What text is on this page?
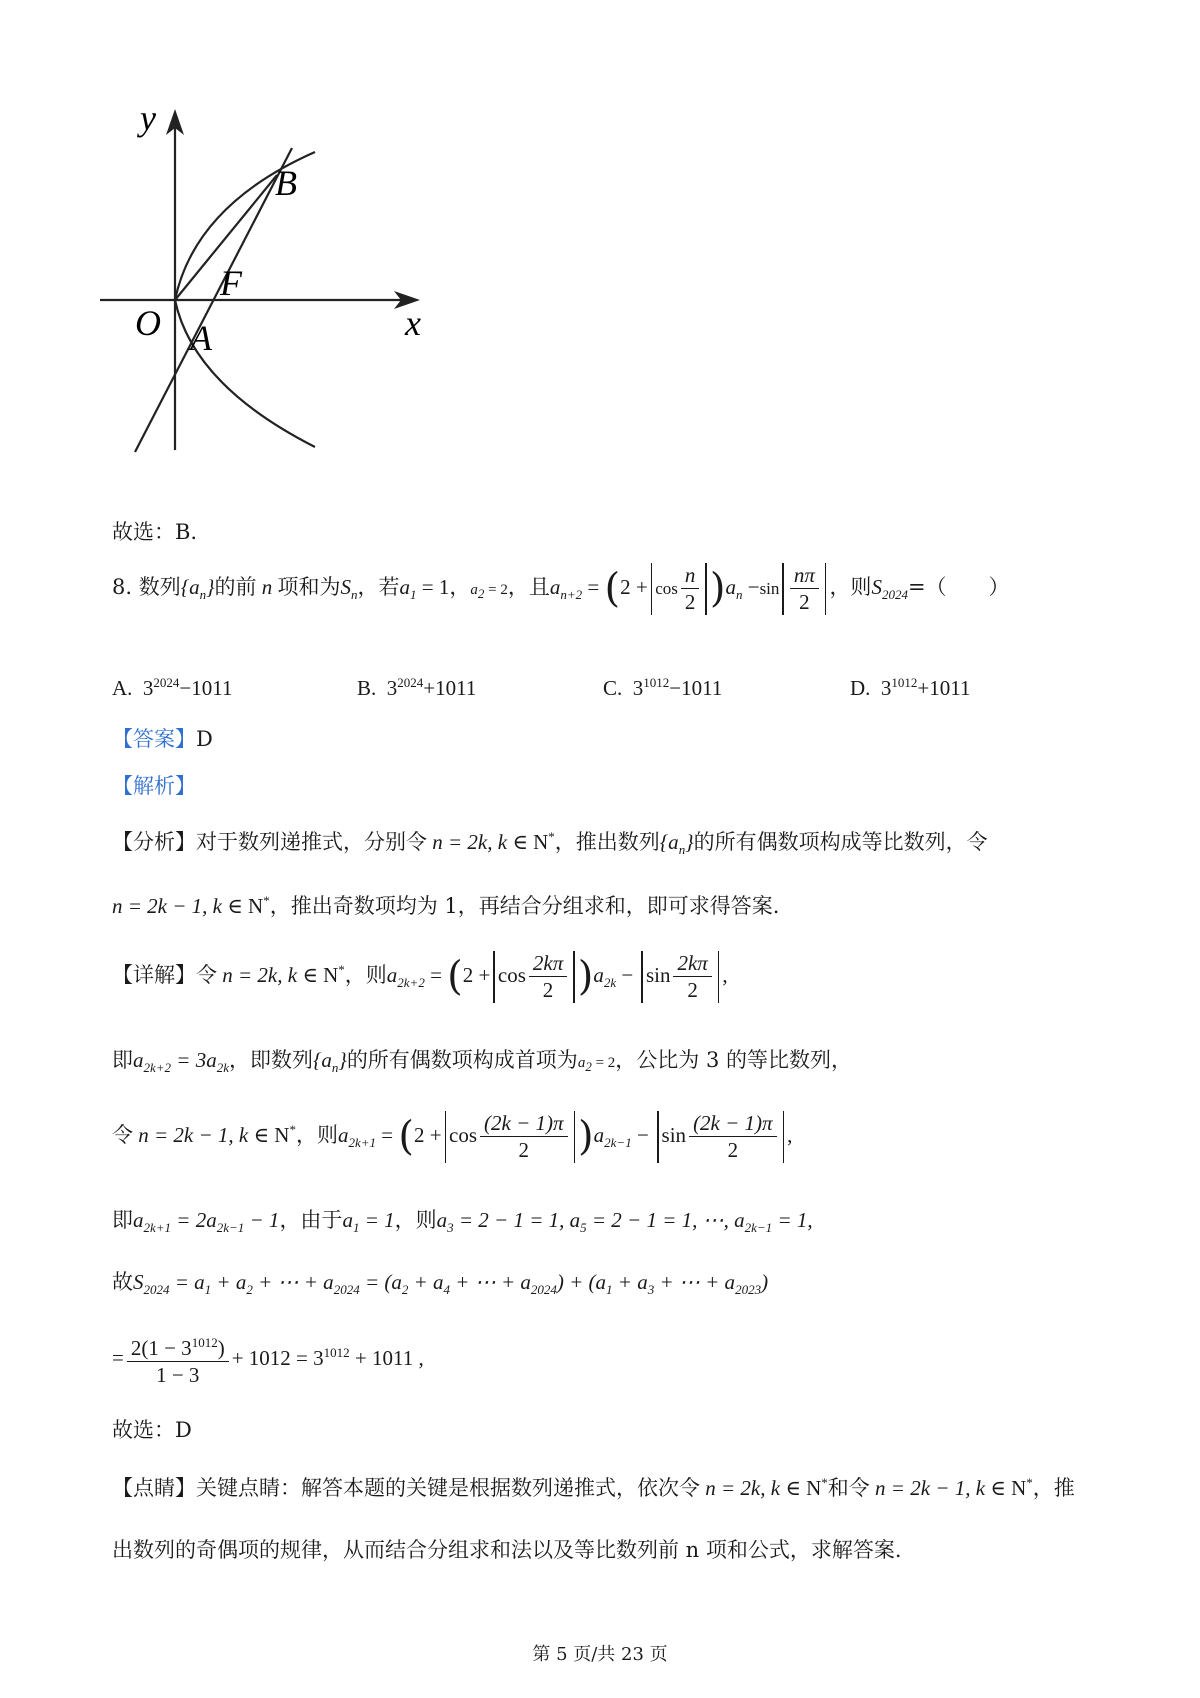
y
x
O
B
F
A
故选：B.
8. 数列$\{a_n\}$的前 n 项和为$S_n$，若$a_1 = 1$，$a_2 = 2$，且$a_{n+2} = (2 + \cos \frac{n}{2} )a_n -\sin \frac{n\pi}{2}$ ，则$S_{2024}=$（　　）
A. $3^{2024}-1011$	B. $3^{2024}+1011$	C. $3^{1012}-1011$	D. $3^{1012}+1011$
【答案】D
【解析】
【分析】对于数列递推式，分别令 n = 2k, k ∈ N*，推出数列$\{a_n\}$的所有偶数项构成等比数列，令
n = 2k − 1, k ∈ N*，推出奇数项均为 1，再结合分组求和，即可求得答案.
【详解】令 n = 2k, k ∈ N*，则$a_{2k+2} = (2 + \cos \frac{2k\pi}{2} )a_{2k} - \sin \frac{2k\pi}{2}$ ,
即$a_{2k+2} = 3a_{2k}$，即数列$\{a_n\}$的所有偶数项构成首项为$a_2 = 2$，公比为 3 的等比数列，
令 n = 2k − 1, k ∈ N*，则$a_{2k+1} = (2 + \cos \frac{(2k - 1)\pi}{2} )a_{2k-1} - \sin \frac{(2k - 1)\pi}{2}$ ,
即$a_{2k+1} = 2a_{2k-1} - 1$，由于$a_1 = 1$，则$a_3 = 2 - 1 = 1$, $a_5 = 2 - 1 = 1$, ⋯, $a_{2k-1} = 1$,
故$S_{2024} = a_1 + a_2$ + ⋯ + $a_{2024} = (a_2 + a_4$ + ⋯ + $a_{2024}) + (a_1 + a_3$ + ⋯ + $a_{2023}$)
= $\frac{2(1 - 3^{1012})}{1 - 3} + 1012 = 3^{1012} + 1011$ ,
故选：D
【点睛】关键点睛：解答本题的关键是根据数列递推式，依次令 n = 2k, k ∈ N*和令 n = 2k − 1, k ∈ N*，推
出数列的奇偶项的规律，从而结合分组求和法以及等比数列前 n 项和公式，求解答案.
第 5 页/共 23 页
